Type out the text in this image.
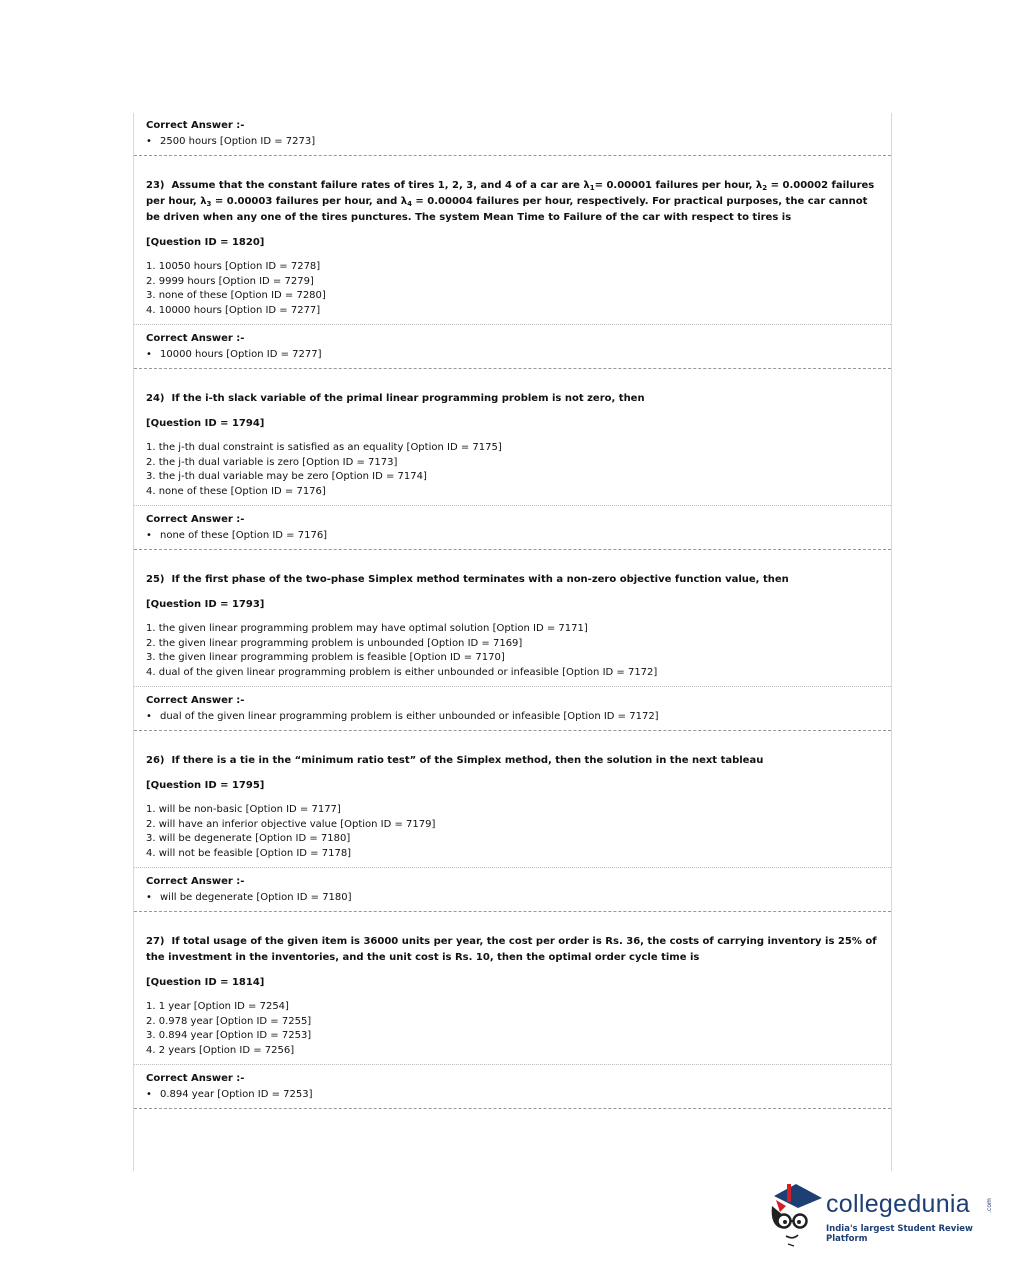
Correct Answer :-
• 2500 hours [Option ID = 7273]
23) Assume that the constant failure rates of tires 1, 2, 3, and 4 of a car are $\lambda_1= 0.00001$ failures per hour, $\lambda_2 = 0.00002$ failures per hour, $\lambda_3 = 0.00003$ failures per hour, and $\lambda_4 = 0.00004$ failures per hour, respectively. For practical purposes, the car cannot be driven when any one of the tires punctures. The system Mean Time to Failure of the car with respect to tires is
[Question ID = 1820]
1. 10050 hours [Option ID = 7278]
2. 9999 hours [Option ID = 7279]
3. none of these [Option ID = 7280]
4. 10000 hours [Option ID = 7277]
Correct Answer :-
• 10000 hours [Option ID = 7277]
24) If the i-th slack variable of the primal linear programming problem is not zero, then
[Question ID = 1794]
1. the j-th dual constraint is satisfied as an equality [Option ID = 7175]
2. the j-th dual variable is zero [Option ID = 7173]
3. the j-th dual variable may be zero [Option ID = 7174]
4. none of these [Option ID = 7176]
Correct Answer :-
• none of these [Option ID = 7176]
25) If the first phase of the two-phase Simplex method terminates with a non-zero objective function value, then
[Question ID = 1793]
1. the given linear programming problem may have optimal solution [Option ID = 7171]
2. the given linear programming problem is unbounded [Option ID = 7169]
3. the given linear programming problem is feasible [Option ID = 7170]
4. dual of the given linear programming problem is either unbounded or infeasible [Option ID = 7172]
Correct Answer :-
• dual of the given linear programming problem is either unbounded or infeasible [Option ID = 7172]
26) If there is a tie in the “minimum ratio test” of the Simplex method, then the solution in the next tableau
[Question ID = 1795]
1. will be non-basic [Option ID = 7177]
2. will have an inferior objective value [Option ID = 7179]
3. will be degenerate [Option ID = 7180]
4. will not be feasible [Option ID = 7178]
Correct Answer :-
• will be degenerate [Option ID = 7180]
27) If total usage of the given item is 36000 units per year, the cost per order is Rs. 36, the costs of carrying inventory is 25% of the investment in the inventories, and the unit cost is Rs. 10, then the optimal order cycle time is
[Question ID = 1814]
1. 1 year [Option ID = 7254]
2. 0.978 year [Option ID = 7255]
3. 0.894 year [Option ID = 7253]
4. 2 years [Option ID = 7256]
Correct Answer :-
• 0.894 year [Option ID = 7253]
collegedunia	.com
India's largest Student Review Platform
